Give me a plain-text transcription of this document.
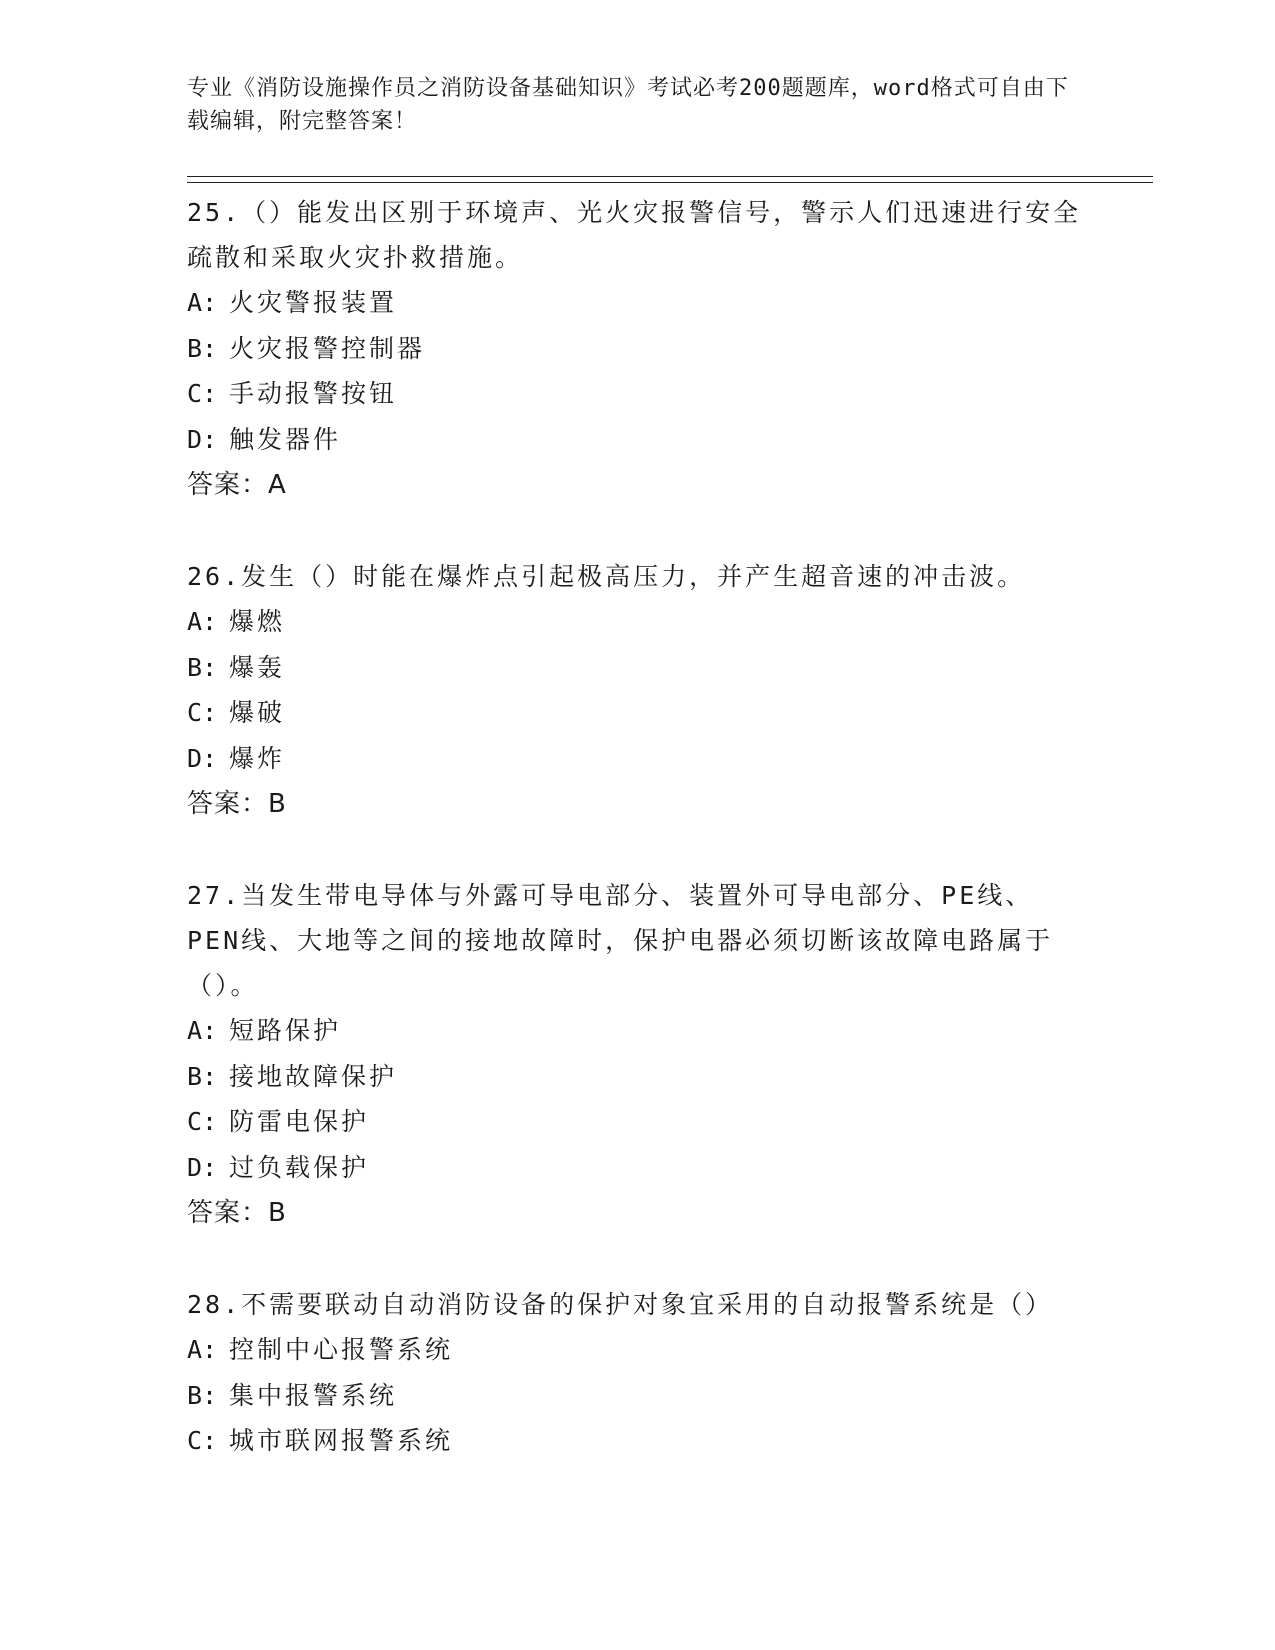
专业《消防设施操作员之消防设备基础知识》考试必考200题题库，word格式可自由下载编辑，附完整答案！

25.（）能发出区别于环境声、光火灾报警信号，警示人们迅速进行安全疏散和采取火灾扑救措施。

A: 火灾警报装置

B: 火灾报警控制器

C: 手动报警按钮

D: 触发器件

答案：A

26.发生（）时能在爆炸点引起极高压力，并产生超音速的冲击波。

A: 爆燃

B: 爆轰

C: 爆破

D: 爆炸

答案：B

27.当发生带电导体与外露可导电部分、装置外可导电部分、PE线、PEN线、大地等之间的接地故障时，保护电器必须切断该故障电路属于（）。

A: 短路保护

B: 接地故障保护

C: 防雷电保护

D: 过负载保护

答案：B

28.不需要联动自动消防设备的保护对象宜采用的自动报警系统是（）

A: 控制中心报警系统

B: 集中报警系统

C: 城市联网报警系统
